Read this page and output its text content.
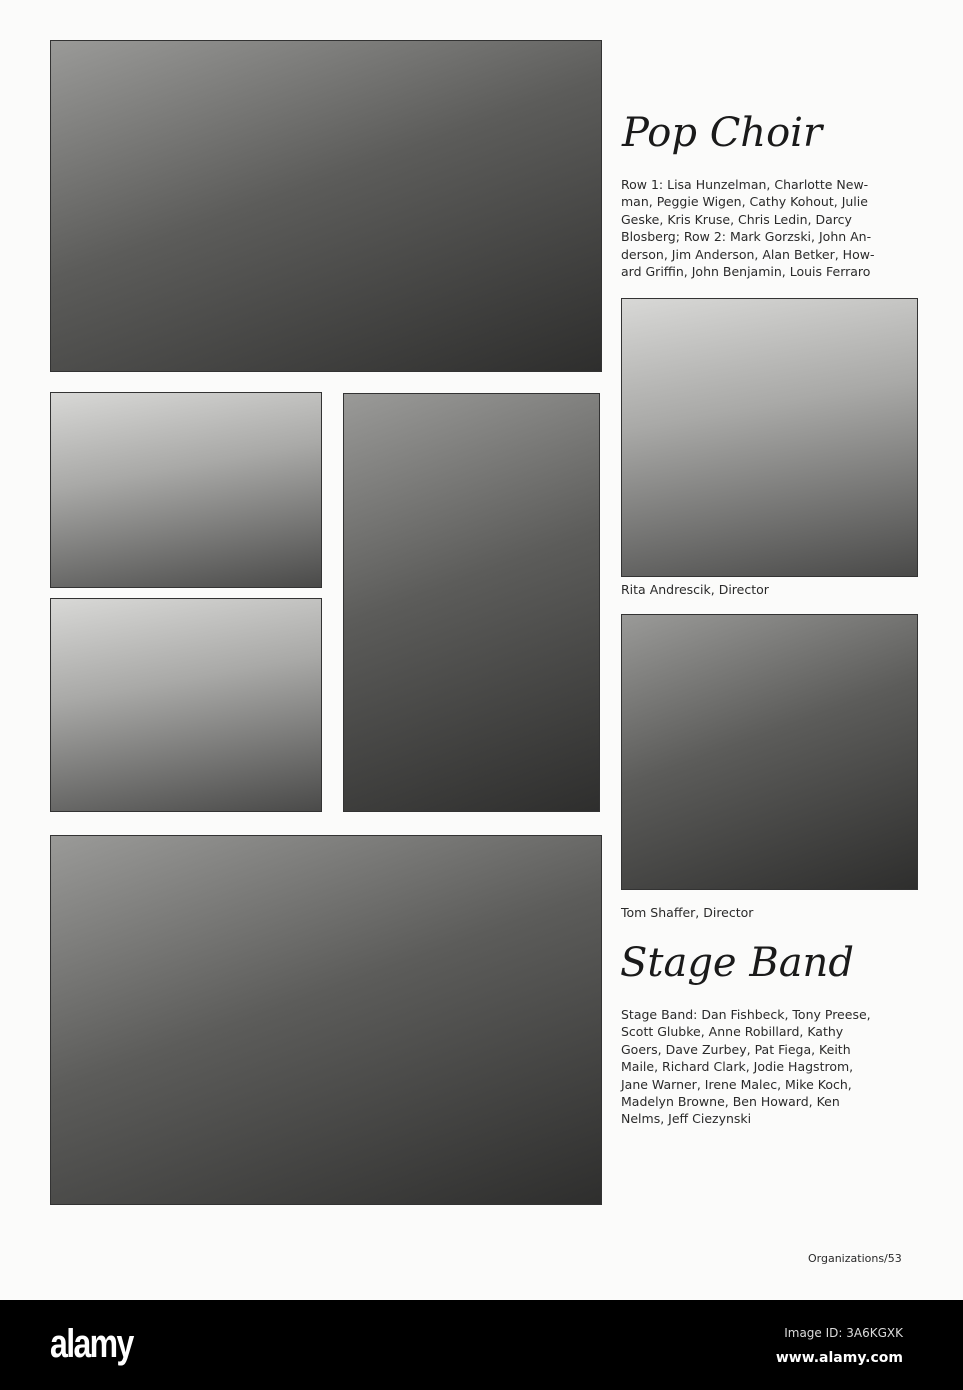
Pop Choir
Row 1: Lisa Hunzelman, Charlotte New-
man, Peggie Wigen, Cathy Kohout, Julie
Geske, Kris Kruse, Chris Ledin, Darcy
Blosberg; Row 2: Mark Gorzski, John An-
derson, Jim Anderson, Alan Betker, How-
ard Griffin, John Benjamin, Louis Ferraro
Rita Andrescik, Director
Tom Shaffer, Director
Stage Band
Stage Band: Dan Fishbeck, Tony Preese,
Scott Glubke, Anne Robillard, Kathy
Goers, Dave Zurbey, Pat Fiega, Keith
Maile, Richard Clark, Jodie Hagstrom,
Jane Warner, Irene Malec, Mike Koch,
Madelyn Browne, Ben Howard, Ken
Nelms, Jeff Ciezynski
Organizations/53
alamy	Image ID: 3A6KGXK
www.alamy.com
